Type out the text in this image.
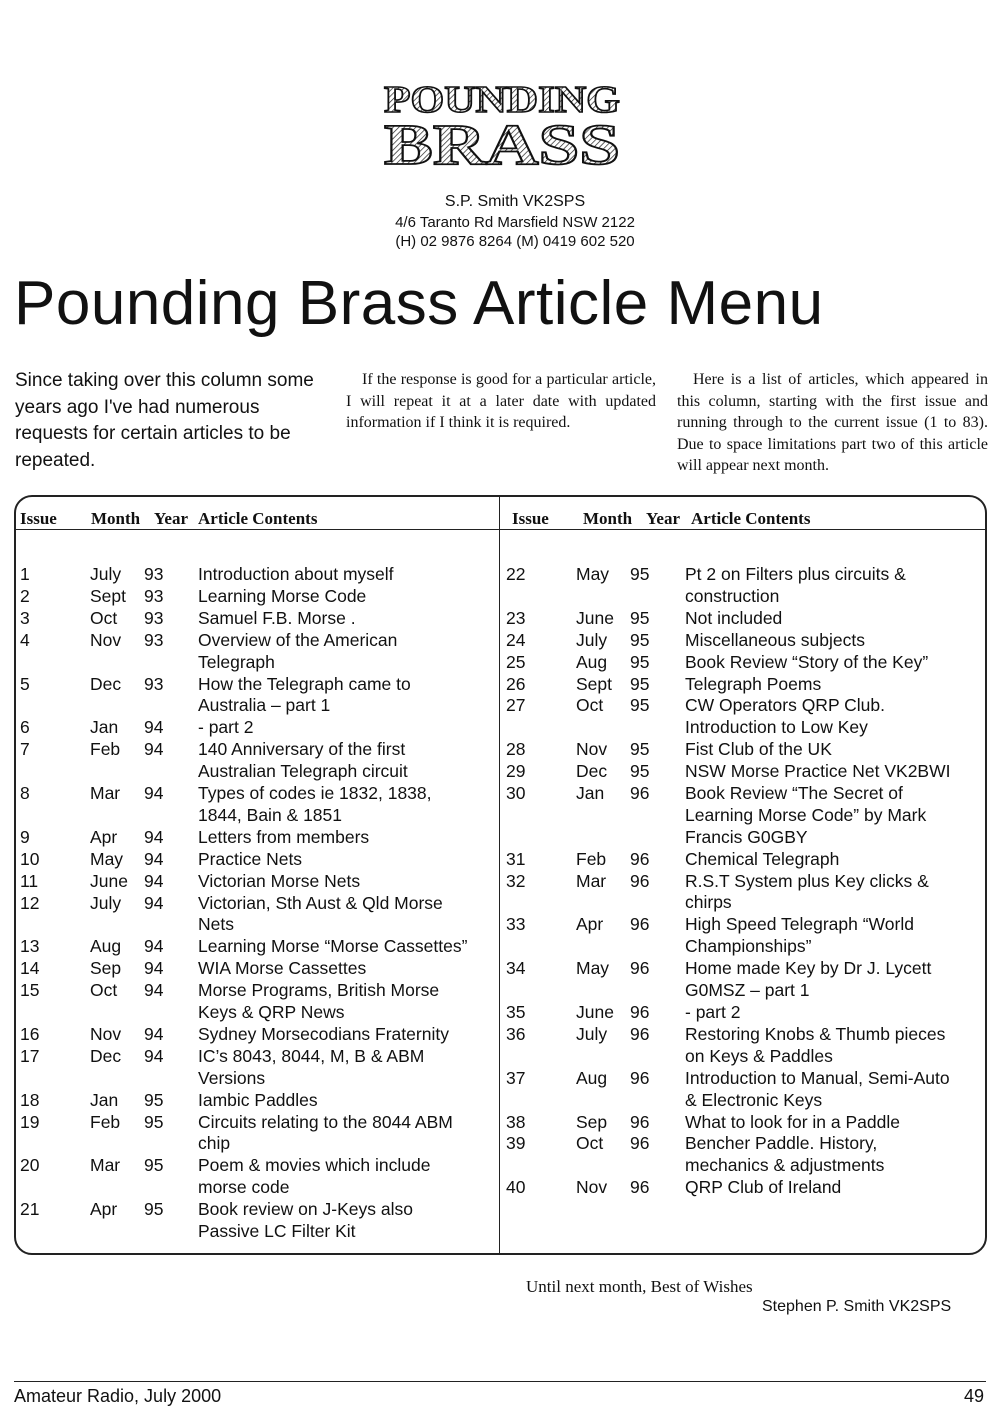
POUNDING
BRASS
S.P. Smith VK2SPS
4/6 Taranto Rd Marsfield NSW 2122
(H) 02 9876 8264 (M) 0419 602 520
Pounding Brass Article Menu
Since taking over this column some years ago I've had numerous requests for certain articles to be repeated.

If the response is good for a particular article, I will repeat it at a later date with updated information if I think it is required.

Here is a list of articles, which appeared in this column, starting with the first issue and running through to the current issue (1 to 83). Due to space limitations part two of this article will appear next month.

Issue Month Year Article Contents	Issue Month Year Article Contents
1	July 93 Introduction about myself
2	Sept 93 Learning Morse Code
3	Oct 93 Samuel F.B. Morse .
4	Nov 93 Overview of the American
Telegraph
5	Dec 93 How the Telegraph came to
Australia – part 1
6	Jan 94 - part 2
7	Feb 94 140 Anniversary of the first
Australian Telegraph circuit
8	Mar 94 Types of codes ie 1832, 1838,
1844, Bain & 1851
9	Apr 94 Letters from members
10	May 94 Practice Nets
11	June 94 Victorian Morse Nets
12	July 94 Victorian, Sth Aust & Qld Morse
Nets
13	Aug 94 Learning Morse “Morse Cassettes”
14	Sep 94 WIA Morse Cassettes
15	Oct 94 Morse Programs, British Morse
Keys & QRP News
16	Nov 94 Sydney Morsecodians Fraternity
17	Dec 94 IC’s 8043, 8044, M, B & ABM
Versions
18	Jan 95 Iambic Paddles
19	Feb 95 Circuits relating to the 8044 ABM
chip
20	Mar 95 Poem & movies which include
morse code
21	Apr 95 Book review on J-Keys also
Passive LC Filter Kit
22	May 95 Pt 2 on Filters plus circuits &
construction
23	June 95 Not included
24	July 95 Miscellaneous subjects
25	Aug 95 Book Review “Story of the Key”
26	Sept 95 Telegraph Poems
27	Oct 95 CW Operators QRP Club.
Introduction to Low Key
28	Nov 95 Fist Club of the UK
29	Dec 95 NSW Morse Practice Net VK2BWI
30	Jan 96 Book Review “The Secret of
Learning Morse Code” by Mark
Francis G0GBY
31	Feb 96 Chemical Telegraph
32	Mar 96 R.S.T System plus Key clicks &
chirps
33	Apr 96 High Speed Telegraph “World
Championships”
34	May 96 Home made Key by Dr J. Lycett
G0MSZ – part 1
35	June 96 - part 2
36	July 96 Restoring Knobs & Thumb pieces
on Keys & Paddles
37	Aug 96 Introduction to Manual, Semi-Auto
& Electronic Keys
38	Sep 96 What to look for in a Paddle
39	Oct 96 Bencher Paddle. History,
mechanics & adjustments
40	Nov 96 QRP Club of Ireland
Until next month, Best of Wishes
Stephen P. Smith VK2SPS
Amateur Radio, July 2000	49
